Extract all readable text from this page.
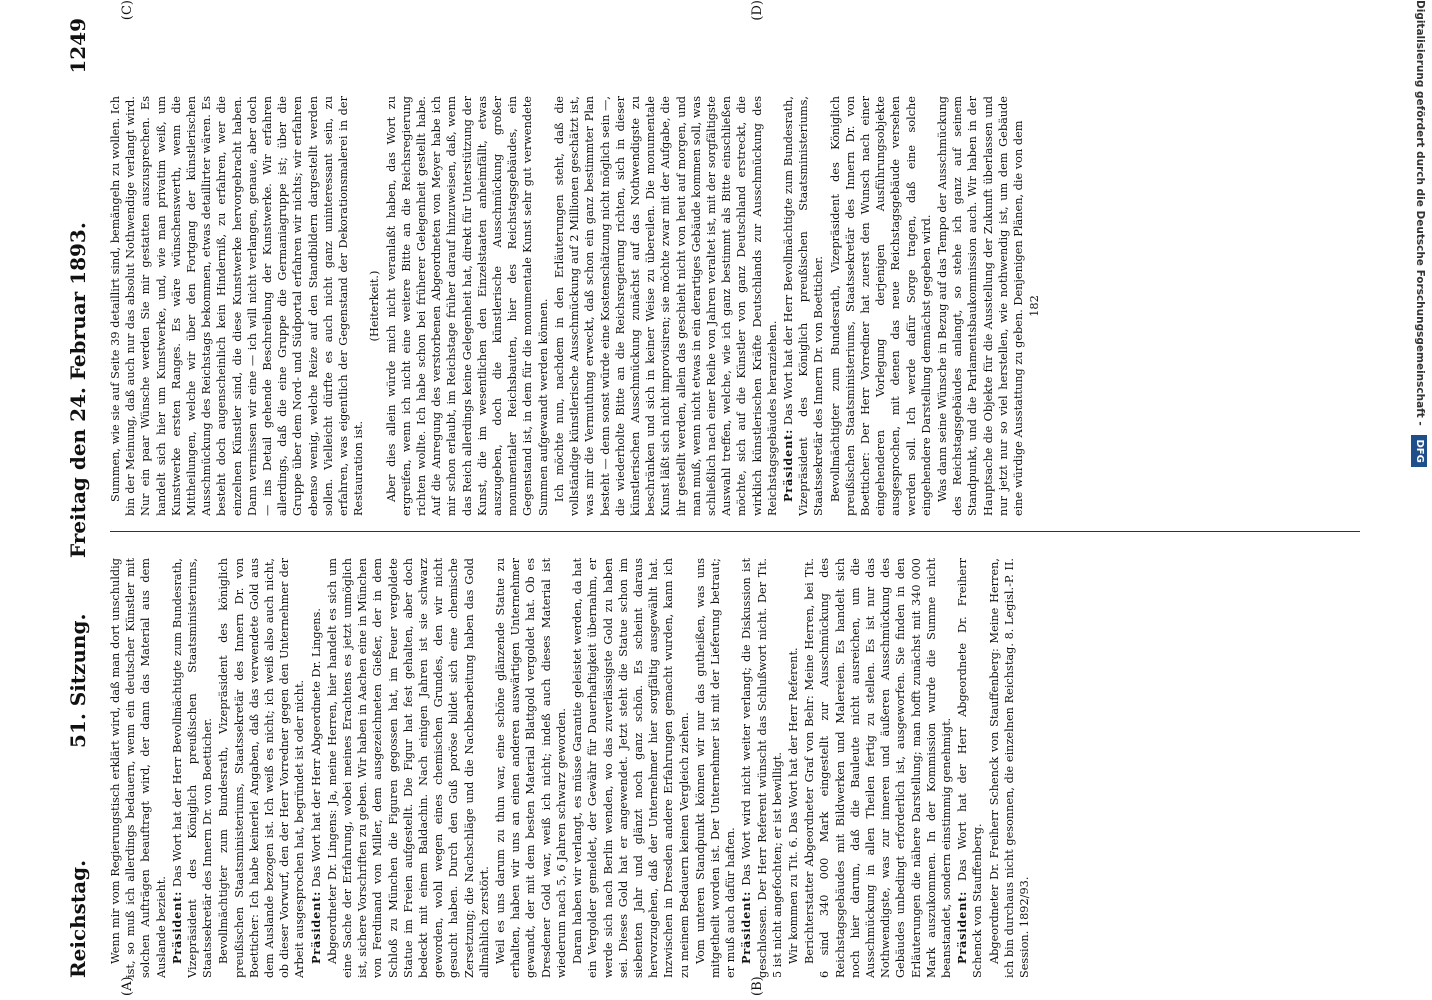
Reichstag.
51. Sitzung.
Freitag den 24. Februar 1893.
1249
(A)	(B)
(C)	(D)

Wenn mir vom Regierungstisch erklärt wird, daß man dort unschuldig ist, so muß ich allerdings bedauern, wenn ein deutscher Künstler mit solchen Aufträgen beauftragt wird, der dann das Material aus dem Auslande bezieht. Präsident: Das Wort hat der Herr Bevollmächtigte zum Bundesrath, Vizepräsident des Königlich preußischen Staatsministeriums, Staatssekretär des Innern Dr. von Boetticher. Bevollmächtigter zum Bundesrath, Vizepräsident des königlich preußischen Staatsministeriums, Staatssekretär des Innern Dr. von Boetticher: Ich habe keinerlei Angaben, daß das verwendete Gold aus dem Auslande bezogen ist. Ich weiß es nicht; ich weiß also auch nicht, ob dieser Vorwurf, den der Herr Vorredner gegen den Unternehmer der Arbeit ausgesprochen hat, begründet ist oder nicht. Präsident: Das Wort hat der Herr Abgeordnete Dr. Lingens. Abgeordneter Dr. Lingens: Ja, meine Herren, hier handelt es sich um eine Sache der Erfahrung, wobei meines Erachtens es jetzt unmöglich ist, sichere Vorschriften zu geben. Wir haben in Aachen eine in München von Ferdinand von Miller, dem ausgezeichneten Gießer, der in dem Schloß zu München die Figuren gegossen hat, im Feuer vergoldete Statue im Freien aufgestellt. Die Figur hat fest gehalten, aber doch bedeckt mit einem Baldachin. Nach einigen Jahren ist sie schwarz geworden, wohl wegen eines chemischen Grundes, den wir nicht gesucht haben. Durch den Guß poröse bildet sich eine chemische Zersetzung; die Nachschläge und die Nachbearbeitung haben das Gold allmählich zerstört. Weil es uns darum zu thun war, eine schöne glänzende Statue zu erhalten, haben wir uns an einen anderen auswärtigen Unternehmer gewandt, der mit dem besten Material Blattgold vergoldet hat. Ob es Dresdener Gold war, weiß ich nicht; indeß auch dieses Material ist wiederum nach 5, 6 Jahren schwarz geworden. Daran haben wir verlangt, es müsse Garantie geleistet werden, da hat ein Vergolder gemeldet, der Gewähr für Dauerhaftigkeit übernahm, er werde sich nach Berlin wenden, wo das zuverlässigste Gold zu haben sei. Dieses Gold hat er angewendet. Jetzt steht die Statue schon im siebenten Jahr und glänzt noch ganz schön. Es scheint daraus hervorzugehen, daß der Unternehmer hier sorgfältig ausgewählt hat. Inzwischen in Dresden andere Erfahrungen gemacht wurden, kann ich zu meinem Bedauern keinen Vergleich ziehen. Vom unteren Standpunkt können wir nur das gutheißen, was uns mitgetheilt worden ist. Der Unternehmer ist mit der Lieferung betraut; er muß auch dafür haften. Präsident: Das Wort wird nicht weiter verlangt; die Diskussion ist geschlossen. Der Herr Referent wünscht das Schlußwort nicht. Der Tit. 5 ist nicht angefochten; er ist bewilligt. Wir kommen zu Tit. 6. Das Wort hat der Herr Referent. Berichterstatter Abgeordneter Graf von Behr: Meine Herren, bei Tit. 6 sind 340 000 Mark eingestellt zur Ausschmückung des Reichstagsgebäudes mit Bildwerken und Malereien. Es handelt sich noch hier darum, daß die Bauleute nicht ausreichen, um die Ausschmückung in allen Theilen fertig zu stellen. Es ist nur das Nothwendigste, was zur inneren und äußeren Ausschmückung des Gebäudes unbedingt erforderlich ist, ausgeworfen. Sie finden in den Erläuterungen die nähere Darstellung; man hofft zunächst mit 340 000 Mark auszukommen. In der Kommission wurde die Summe nicht beanstandet, sondern einstimmig genehmigt. Präsident: Das Wort hat der Herr Abgeordnete Dr. Freiherr Schenck von Stauffenberg. Abgeordneter Dr. Freiherr Schenck von Stauffenberg: Meine Herren, ich bin durchaus nicht gesonnen, die einzelnen Reichstag. 8. Legisl.-P. II. Session. 1892/93.

Summen, wie sie auf Seite 39 detaillirt sind, bemängeln zu wollen. Ich bin der Meinung, daß auch nur das absolut Nothwendige verlangt wird. Nur ein paar Wünsche werden Sie mir gestatten auszusprechen. Es handelt sich hier um Kunstwerke, und, wie man privatim weiß, um Kunstwerke ersten Ranges. Es wäre wünschenswerth, wenn die Mittheilungen, welche wir über den Fortgang der künstlerischen Ausschmückung des Reichstags bekommen, etwas detaillirter wären. Es besteht doch augenscheinlich kein Hinderniß, zu erfahren, wer die einzelnen Künstler sind, die diese Kunstwerke hervorgebracht haben. Dann vermissen wir eine — ich will nicht verlangen, genaue, aber doch — ins Detail gehende Beschreibung der Kunstwerke. Wir erfahren allerdings, daß die eine Gruppe die Germaniagruppe ist; über die Gruppe über dem Nord- und Südportal erfahren wir nichts; wir erfahren ebenso wenig, welche Reize auf den Standbildern dargestellt werden sollen. Vielleicht dürfte es auch nicht ganz uninteressant sein, zu erfahren, was eigentlich der Gegenstand der Dekorationsmalerei in der Restauration ist.

(Heiterkeit.) Aber dies allein würde mich nicht veranlaßt haben, das Wort zu ergreifen, wenn ich nicht eine weitere Bitte an die Reichsregierung richten wollte. Ich habe schon bei früherer Gelegenheit gestellt habe. Auf die Anregung des verstorbenen Abgeordneten von Meyer habe ich mir schon erlaubt, im Reichstage früher darauf hinzuweisen, daß, wenn das Reich allerdings keine Gelegenheit hat, direkt für Unterstützung der Kunst, die im wesentlichen den Einzelstaaten anheimfällt, etwas auszugeben, doch die künstlerische Ausschmückung großer monumentaler Reichsbauten, hier des Reichstagsgebäudes, ein Gegenstand ist, in dem für die monumentale Kunst sehr gut verwendete Summen aufgewandt werden können. Ich möchte nun, nachdem in den Erläuterungen steht, daß die vollständige künstlerische Ausschmückung auf 2 Millionen geschätzt ist, was mir die Vermuthung erweckt, daß schon ein ganz bestimmter Plan besteht — denn sonst würde eine Kostenschätzung nicht möglich sein —, die wiederholte Bitte an die Reichsregierung richten, sich in dieser künstlerischen Ausschmückung zunächst auf das Nothwendigste zu beschränken und sich in keiner Weise zu übereilen. Die monumentale Kunst läßt sich nicht improvisiren; sie möchte zwar mit der Aufgabe, die ihr gestellt werden, allein das geschieht nicht von heut auf morgen, und man muß, wenn nicht etwas in ein derartiges Gebäude kommen soll, was schließlich nach einer Reihe von Jahren veraltet ist, mit der sorgfältigste Auswahl treffen, welche, wie ich ganz bestimmt als Bitte einschließen möchte, sich auf die Künstler von ganz Deutschland erstreckt, die wirklich künstlerischen Kräfte Deutschlands zur Ausschmückung des Reichstagsgebäudes heranziehen. Präsident: Das Wort hat der Herr Bevollmächtigte zum Bundesrath, Vizepräsident des Königlich preußischen Staatsministeriums, Staatssekretär des Innern Dr. von Boetticher. Bevollmächtigter zum Bundesrath, Vizepräsident des Königlich preußischen Staatsministeriums, Staatssekretär des Innern Dr. von Boetticher: Der Herr Vorredner hat zuerst den Wunsch nach einer eingehenderen Vorlegung derjenigen Ausführungsobjekte ausgesprochen, mit denen das neue Reichstagsgebäude versehen werden soll. Ich werde dafür Sorge tragen, daß eine solche eingehendere Darstellung demnächst gegeben wird. Was dann seine Wünsche in Bezug auf das Tempo der Ausschmückung des Reichstagsgebäudes anlangt, so stehe ich ganz auf seinem Standpunkt, und die Parlamentsbaukommission auch. Wir haben in der Hauptsache die Objekte für die Ausstellung der Zukunft überlassen und nur jetzt nur so viel herstellen, wie nothwendig ist, um dem Gebäude eine würdige Ausstattung zu geben. Denjenigen Plänen, die von dem 182	Digitalisierung gefördert durch die Deutsche Forschungsgemeinschaft - DFG
